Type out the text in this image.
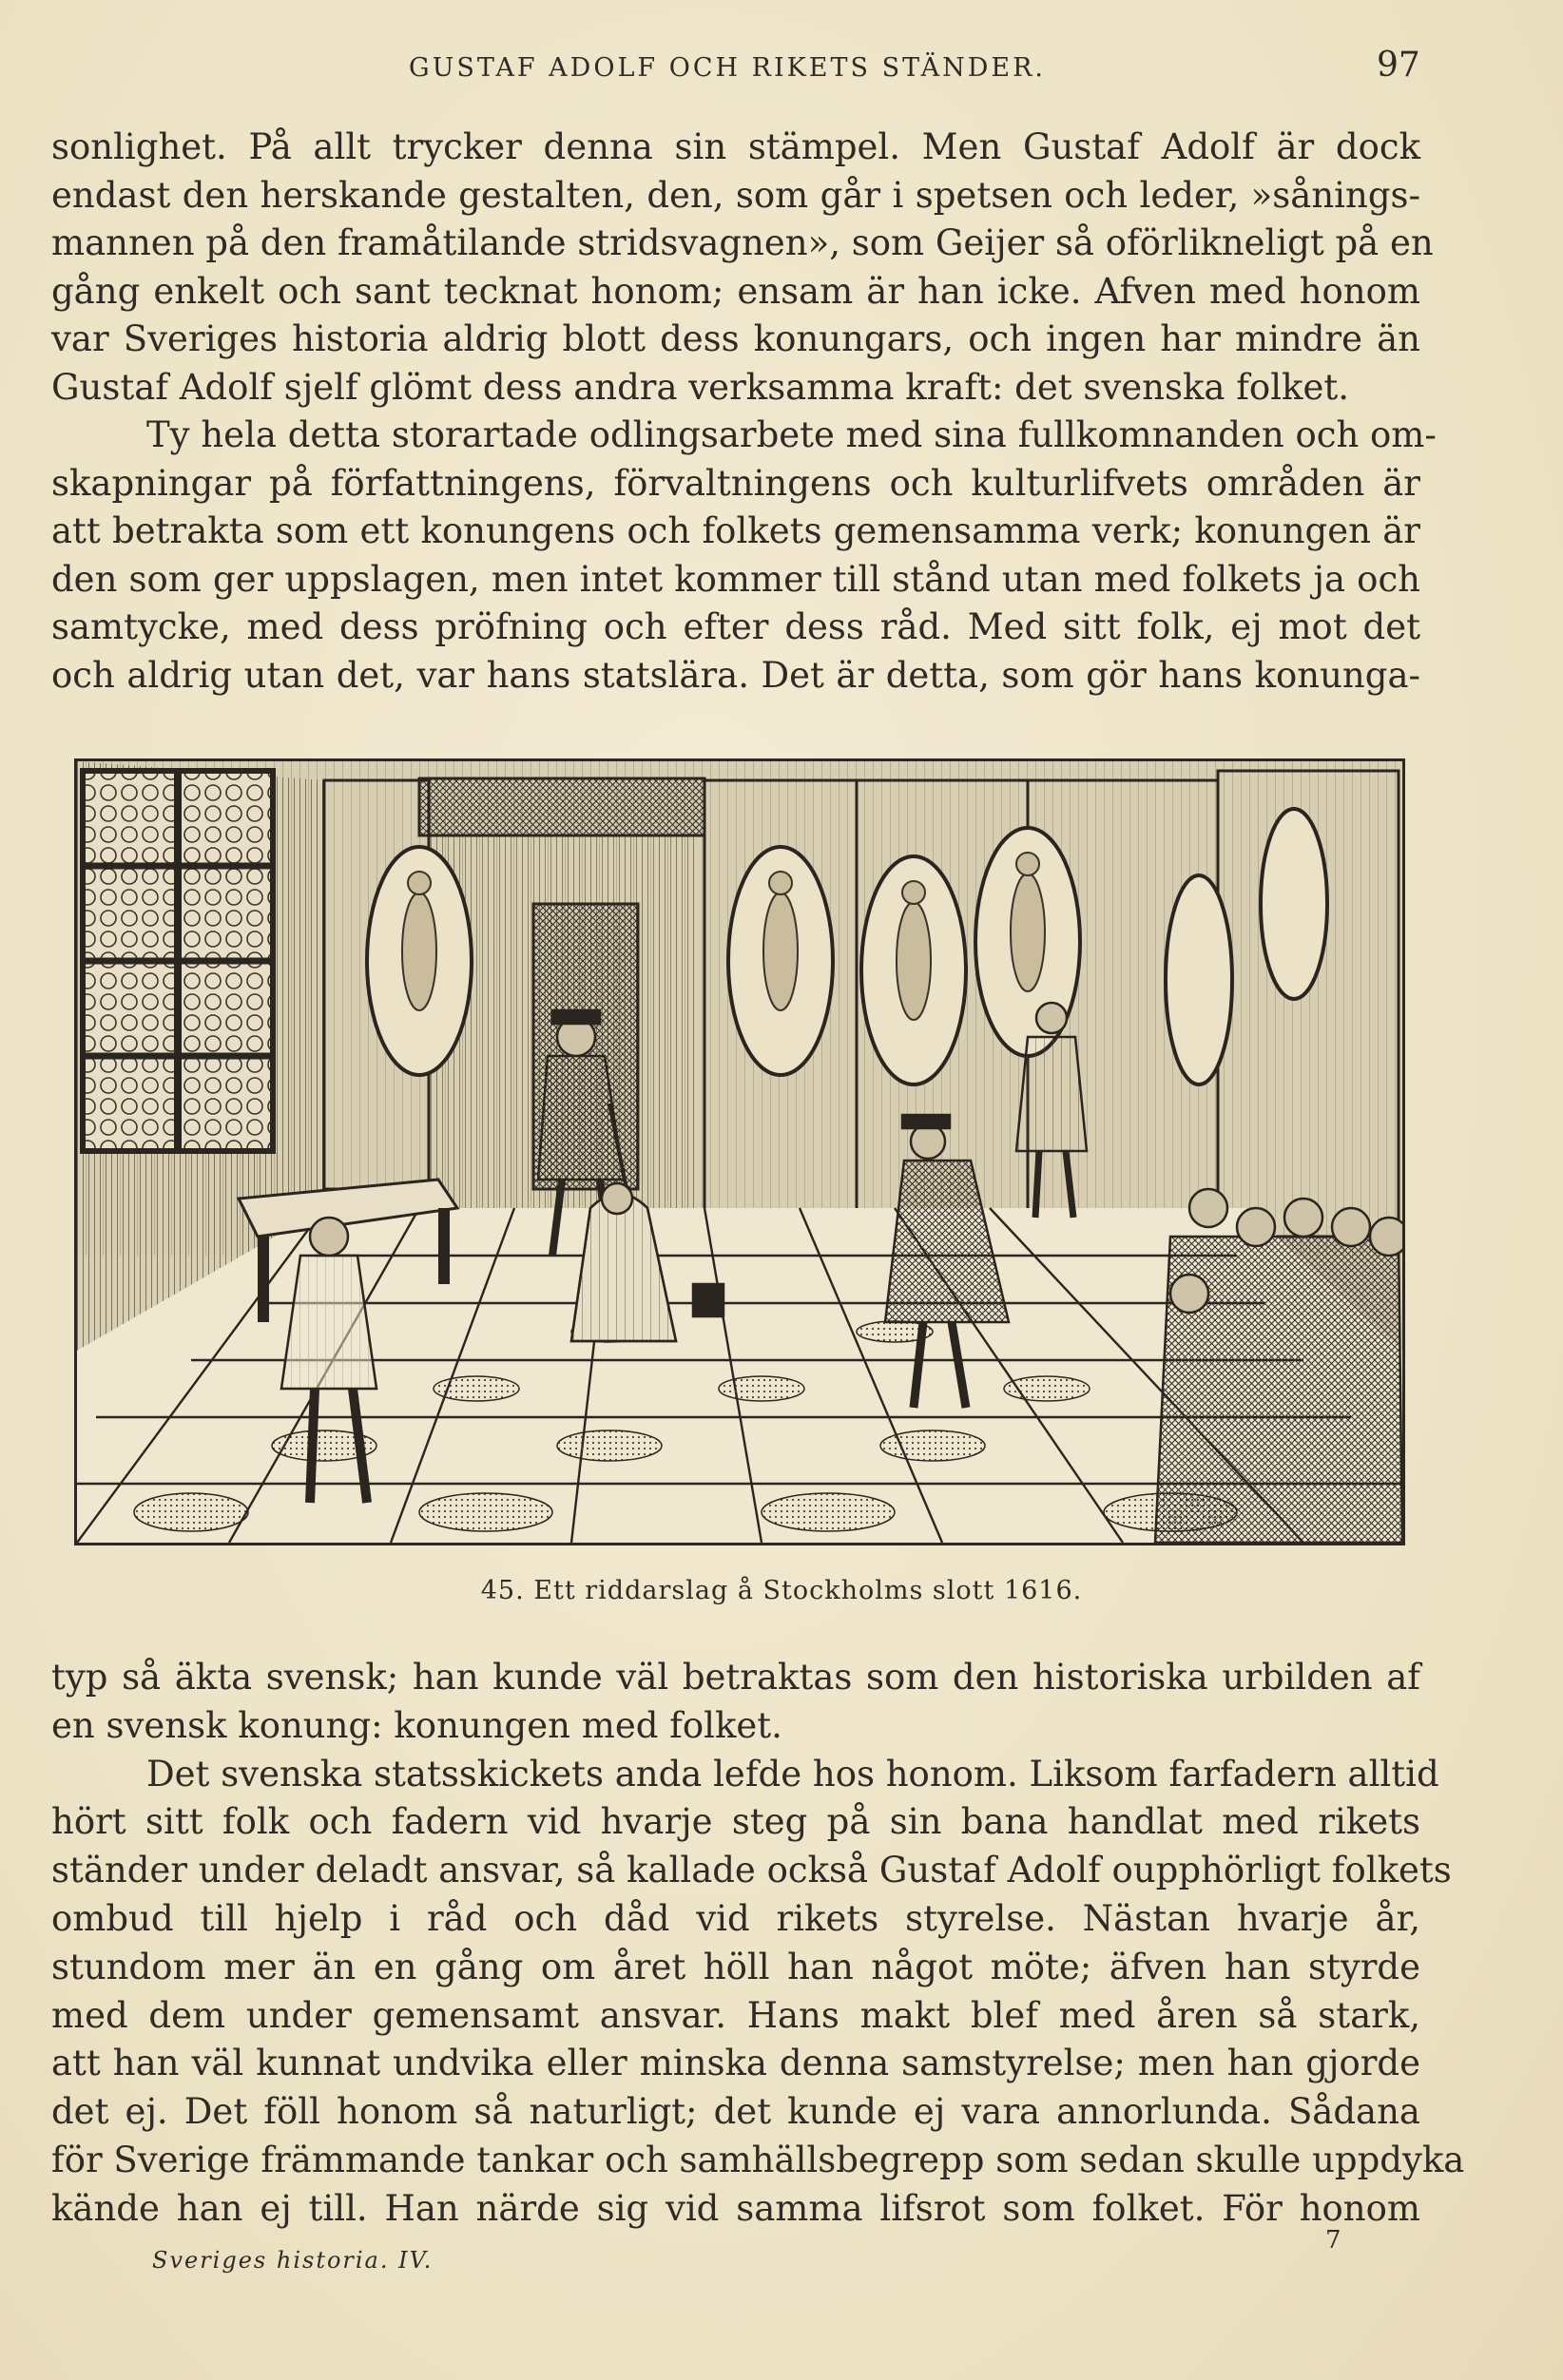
GUSTAF ADOLF OCH RIKETS STÄNDER.	97
sonlighet. På allt trycker denna sin stämpel. Men Gustaf Adolf är dock
endast den herskande gestalten, den, som går i spetsen och leder, »sånings-
mannen på den framåtilande stridsvagnen», som Geijer så oförlikneligt på en
gång enkelt och sant tecknat honom; ensam är han icke. Afven med honom
var Sveriges historia aldrig blott dess konungars, och ingen har mindre än
Gustaf Adolf sjelf glömt dess andra verksamma kraft: det svenska folket.
Ty hela detta storartade odlingsarbete med sina fullkomnanden och om-
skapningar på författningens, förvaltningens och kulturlifvets områden är
att betrakta som ett konungens och folkets gemensamma verk; konungen är
den som ger uppslagen, men intet kommer till stånd utan med folkets ja och
samtycke, med dess pröfning och efter dess råd. Med sitt folk, ej mot det
och aldrig utan det, var hans statslära. Det är detta, som gör hans konunga-
45. Ett riddarslag å Stockholms slott 1616.
typ så äkta svensk; han kunde väl betraktas som den historiska urbilden af
en svensk konung: konungen med folket.
Det svenska statsskickets anda lefde hos honom. Liksom farfadern alltid
hört sitt folk och fadern vid hvarje steg på sin bana handlat med rikets
ständer under deladt ansvar, så kallade också Gustaf Adolf oupphörligt folkets
ombud till hjelp i råd och dåd vid rikets styrelse. Nästan hvarje år,
stundom mer än en gång om året höll han något möte; äfven han styrde
med dem under gemensamt ansvar. Hans makt blef med åren så stark,
att han väl kunnat undvika eller minska denna samstyrelse; men han gjorde
det ej. Det föll honom så naturligt; det kunde ej vara annorlunda. Sådana
för Sverige främmande tankar och samhällsbegrepp som sedan skulle uppdyka
kände han ej till. Han närde sig vid samma lifsrot som folket. För honom
Sveriges historia. IV.
7
